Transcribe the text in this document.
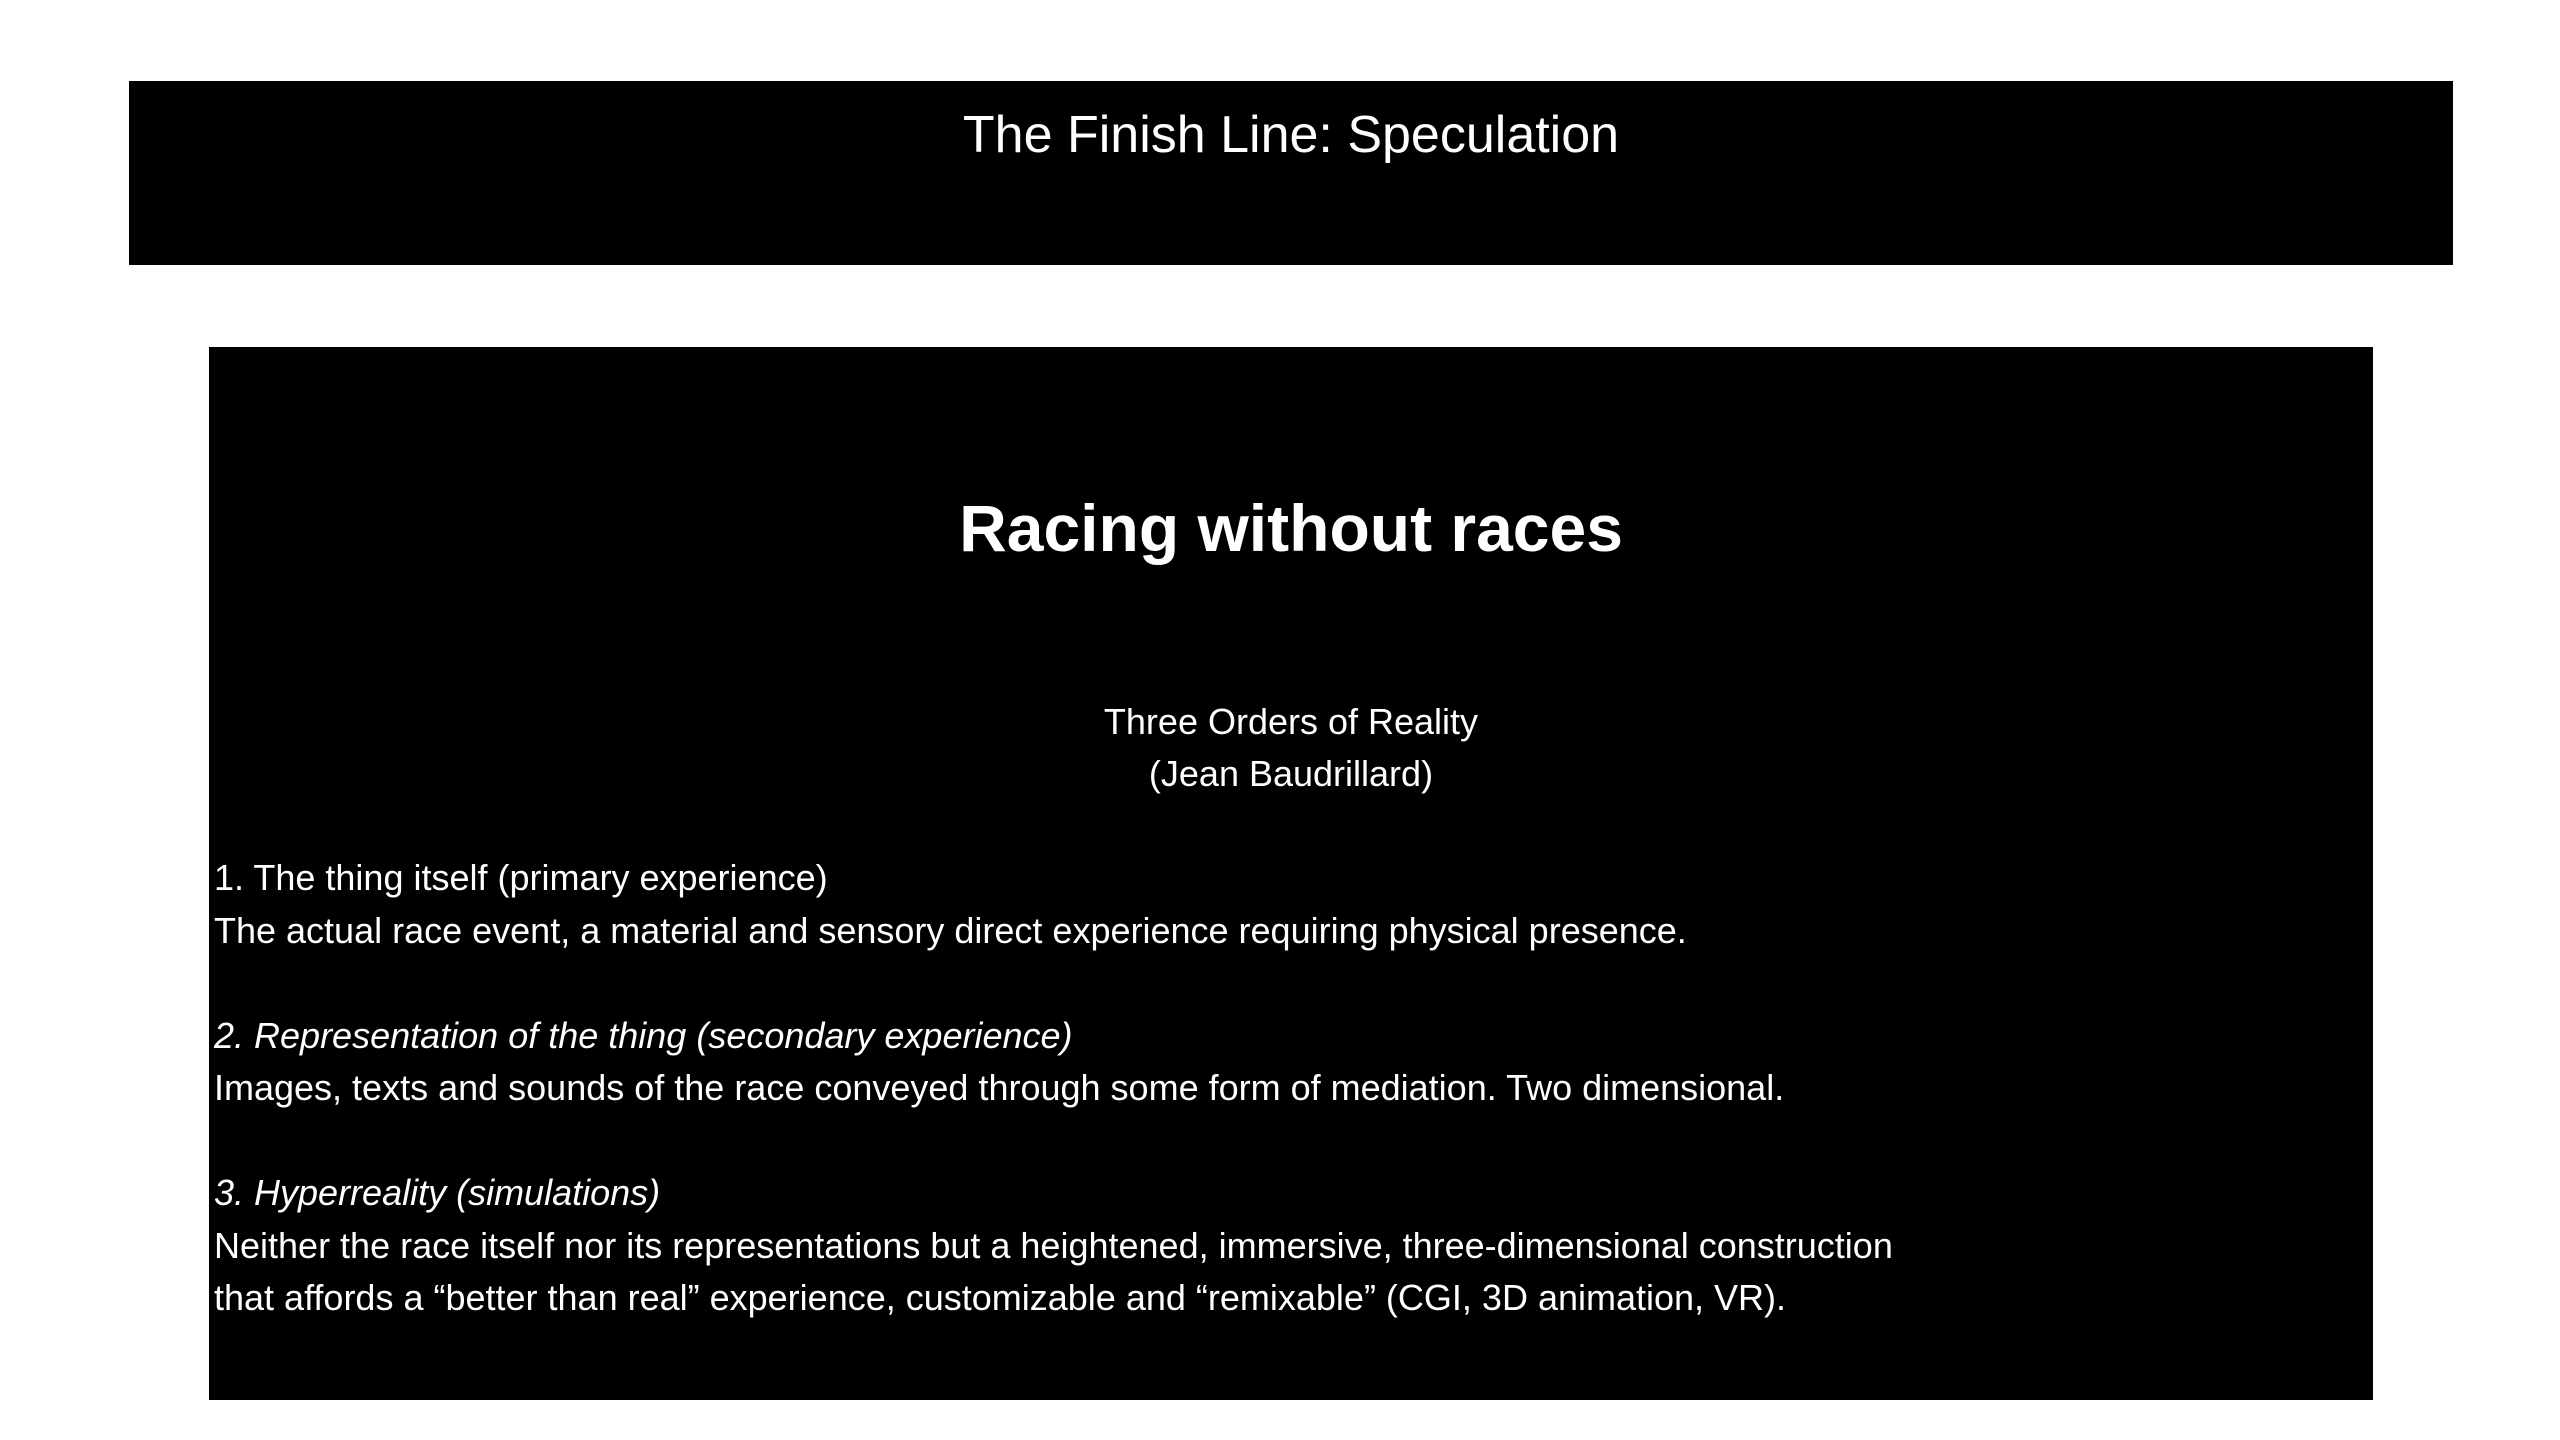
The Finish Line: Speculation
Racing without races
Three Orders of Reality
(Jean Baudrillard)
1. The thing itself (primary experience)
The actual race event, a material and sensory direct experience requiring physical presence.
2. Representation of the thing (secondary experience)
Images, texts and sounds of the race conveyed through some form of mediation. Two dimensional.
3. Hyperreality (simulations)
Neither the race itself nor its representations but a heightened, immersive, three-dimensional construction
that affords a “better than real” experience, customizable and “remixable” (CGI, 3D animation, VR).
